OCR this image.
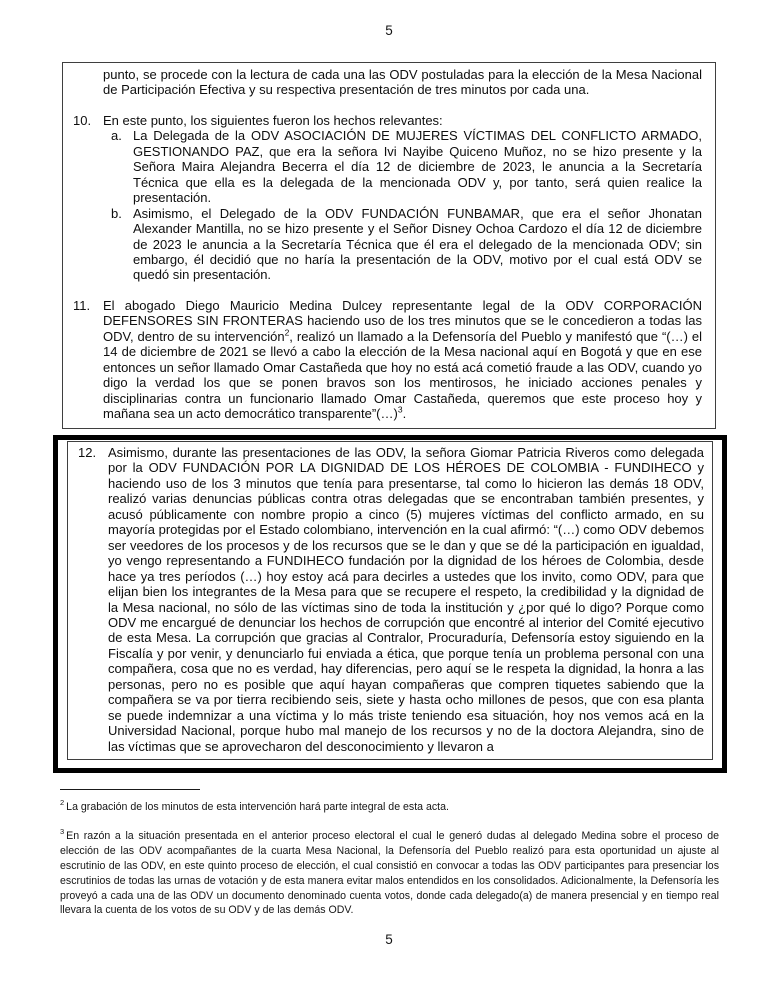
5
punto, se procede con la lectura de cada una las ODV postuladas para la elección de la Mesa Nacional de Participación Efectiva y su respectiva presentación de tres minutos por cada una.
10. En este punto, los siguientes fueron los hechos relevantes:
a. La Delegada de la ODV ASOCIACIÓN DE MUJERES VÍCTIMAS DEL CONFLICTO ARMADO, GESTIONANDO PAZ, que era la señora Ivi Nayibe Quiceno Muñoz, no se hizo presente y la Señora Maira Alejandra Becerra el día 12 de diciembre de 2023, le anuncia a la Secretaría Técnica que ella es la delegada de la mencionada ODV y, por tanto, será quien realice la presentación.
b. Asimismo, el Delegado de la ODV FUNDACIÓN FUNBAMAR, que era el señor Jhonatan Alexander Mantilla, no se hizo presente y el Señor Disney Ochoa Cardozo el día 12 de diciembre de 2023 le anuncia a la Secretaría Técnica que él era el delegado de la mencionada ODV; sin embargo, él decidió que no haría la presentación de la ODV, motivo por el cual está ODV se quedó sin presentación.
11. El abogado Diego Mauricio Medina Dulcey representante legal de la ODV CORPORACIÓN DEFENSORES SIN FRONTERAS haciendo uso de los tres minutos que se le concedieron a todas las ODV, dentro de su intervención$^2$, realizó un llamado a la Defensoría del Pueblo y manifestó que “(…) el 14 de diciembre de 2021 se llevó a cabo la elección de la Mesa nacional aquí en Bogotá y que en ese entonces un señor llamado Omar Castañeda que hoy no está acá cometió fraude a las ODV, cuando yo digo la verdad los que se ponen bravos son los mentirosos, he iniciado acciones penales y disciplinarias contra un funcionario llamado Omar Castañeda, queremos que este proceso hoy y mañana sea un acto democrático transparente”(…)$^3$.
12. Asimismo, durante las presentaciones de las ODV, la señora Giomar Patricia Riveros como delegada por la ODV FUNDACIÓN POR LA DIGNIDAD DE LOS HÉROES DE COLOMBIA - FUNDIHECO y haciendo uso de los 3 minutos que tenía para presentarse, tal como lo hicieron las demás 18 ODV, realizó varias denuncias públicas contra otras delegadas que se encontraban también presentes, y acusó públicamente con nombre propio a cinco (5) mujeres víctimas del conflicto armado, en su mayoría protegidas por el Estado colombiano, intervención en la cual afirmó: “(…) como ODV debemos ser veedores de los procesos y de los recursos que se le dan y que se dé la participación en igualdad, yo vengo representando a FUNDIHECO fundación por la dignidad de los héroes de Colombia, desde hace ya tres períodos (…) hoy estoy acá para decirles a ustedes que los invito, como ODV, para que elijan bien los integrantes de la Mesa para que se recupere el respeto, la credibilidad y la dignidad de la Mesa nacional, no sólo de las víctimas sino de toda la institución y ¿por qué lo digo? Porque como ODV me encargué de denunciar los hechos de corrupción que encontré al interior del Comité ejecutivo de esta Mesa. La corrupción que gracias al Contralor, Procuraduría, Defensoría estoy siguiendo en la Fiscalía y por venir, y denunciarlo fui enviada a ética, que porque tenía un problema personal con una compañera, cosa que no es verdad, hay diferencias, pero aquí se le respeta la dignidad, la honra a las personas, pero no es posible que aquí hayan compañeras que compren tiquetes sabiendo que la compañera se va por tierra recibiendo seis, siete y hasta ocho millones de pesos, que con esa planta se puede indemnizar a una víctima y lo más triste teniendo esa situación, hoy nos vemos acá en la Universidad Nacional, porque hubo mal manejo de los recursos y no de la doctora Alejandra, sino de las víctimas que se aprovecharon del desconocimiento y llevaron a
$^2$ La grabación de los minutos de esta intervención hará parte integral de esta acta.
$^3$ En razón a la situación presentada en el anterior proceso electoral el cual le generó dudas al delegado Medina sobre el proceso de elección de las ODV acompañantes de la cuarta Mesa Nacional, la Defensoría del Pueblo realizó para esta oportunidad un ajuste al escrutinio de las ODV, en este quinto proceso de elección, el cual consistió en convocar a todas las ODV participantes para presenciar los escrutinios de todas las urnas de votación y de esta manera evitar malos entendidos en los consolidados. Adicionalmente, la Defensoría les proveyó a cada una de las ODV un documento denominado cuenta votos, donde cada delegado(a) de manera presencial y en tiempo real llevara la cuenta de los votos de su ODV y de las demás ODV.
5
